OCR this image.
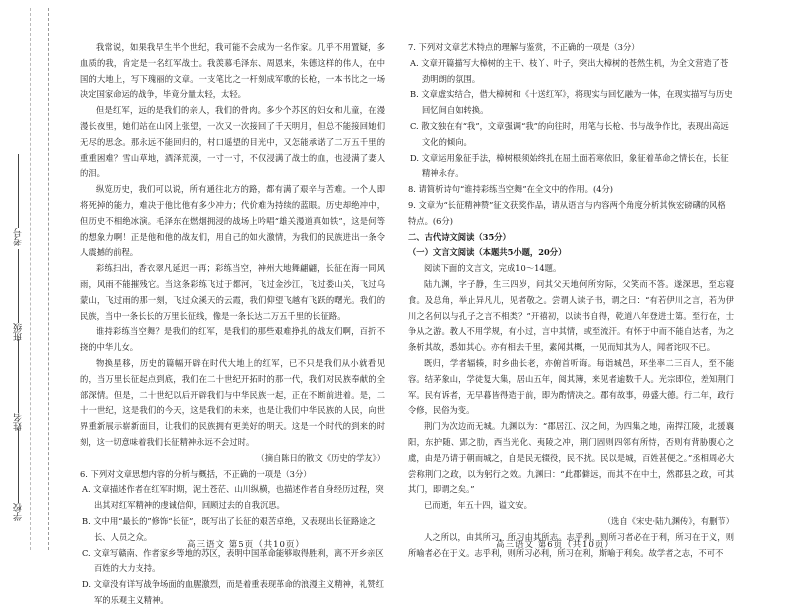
考号
班级
姓名
学校

我常说，如果我早生半个世纪，我可能不会成为一名作家。几乎不用置疑，多血质的我，肯定是一名红军战士。我羡慕毛泽东、周恩来，朱德这样的伟人，在中国的大地上，写下瑰丽的文章。一支笔比之一杆刻成军歌的长枪，一本书比之一场决定国家命运的战争，毕竟分量太轻，太轻。

但是红军，远的是我们的亲人，我们的骨肉。多少个苏区的妇女和儿童，在漫漫长夜里，她们站在山冈上张望，一次又一次接回了千天明月，但总不能接回她们无尽的思念。那永远不能回归的，村口遥望的目光中，又怎能承诺了二万五千里的重重困难？雪山草地，酒泽荒漠，一寸一寸，不仅浸满了战士的血，也浸满了妻人的泪。

纵览历史，我们可以说，所有通往北方的路，都有满了艰辛与苦难。一个人即将死掉的能力，难决于他比他有多少冲力；代价难为持续的蓝眼。历史却绝冲中，但历史不相绝冰演。毛泽东在燃烟拥浸的战场上吟唱“雄关漫道真如铁”，这是何等的想象力啊！正是他和他的战友们，用自己的如火激情，为我们的民族进出一条令人震撼的前程。

彩练扫出，香衣翠凡延迟一再；彩练当空，神州大地舞翩翩，长征在海一同风雨，风雨不能摧残它。当这条彩练飞过于都河，飞过金沙江，飞过娄山关，飞过乌蒙山，飞过雨的那一刻，飞过众溪天的云霞，我们仰望飞越有飞跃的曙光。我们的民族，当中一条长长的万里长征线，像是一条长达二万五千里的长征路。

谁持彩练当空舞？是我们的红军，是我们的那些艰难挣扎的战友们啊，百折不挠的中华儿女。

物换星移，历史的篇幅开辟在时代大地上的红军，已不只是我们从小就看见的，当万里长征起点到底，我们在二十世纪开拓时的那一代，我们对民族奉献的全部深情。但是，二十世纪以后开辟我们与中华民族一起，正在不断前进着。是，二十一世纪，这是我们的今天，这是我们的未来，也是让我们中华民族的人民，向世界重新展示崭新面目，让我们的民族拥有更美好的明天。这是一个时代的到来的时刻，这一切意味着我们长征精神永远不会过时。

（摘自陈日的散文《历史的学友》）

6. 下列对文章思想内容的分析与概括，不正确的一项是（3分）

A. 文章描述作者在红军时期，泥土苍茫、山川纵横，也描述作者自身经历过程，突出其对红军精神的虔诚信仰，回顾过去的自我沉思。

B. 文中用“最长的”修饰“长征”，既写出了长征的艰苦卓绝，又表现出长征路途之长、人员之众。

C. 文章写赣南、作者家乡等地的苏区，表明中国革命能够取得胜利，离不开乡亲区百姓的大力支持。

D. 文章没有详写战争场面的血腥激烈，而是着重表现革命的浪漫主义精神，礼赞红军的乐观主义精神。

7. 下列对文章艺术特点的理解与鉴赏，不正确的一项是（3分）

A. 文章开篇描写大樟树的主干、枝丫、叶子，突出大樟树的苍然生机，为全文营造了苍劲明朗的氛围。

B. 文章虚实结合，借大樟树和《十送红军》，将现实与回忆融为一体，在现实描写与历史回忆间自如转换。

C. 散文独在有“我”，文章强调“我”的向往时，用笔与长枪、书与战争作比，表现出高远文化的倾向。

D. 文章运用象征手法，樟树根须始终扎在屈土面若寒依旧，象征着革命之情长在，长征精神永存。

8. 请简析诗句“谁持彩练当空舞”在全文中的作用。(4分)

9. 文章为“长征精神赞”征文获奖作品，请从语言与内容两个角度分析其恢宏磅礴的风格特点。(6分)

二、古代诗文阅读（35分）

（一）文言文阅读（本题共5小题，20分）

阅读下面的文言文，完成10～14题。

陆九渊，字子静，生三四岁，问其父天地何所穷际，父笑而不答。遂深思，至忘寝食。及总角，举止异凡儿，见者敬之。尝谓人读子书，谓之曰：“有若伊川之言，若为伊川之名何以与孔子之言不相类？”开禧初，以读书自得，乾道八年登进士第。至行在，士争从之游。教人不用学规，有小过，言中其情，或至流汗。有怀于中而不能自达者，为之条析其故，悉如其心。亦有相去千里，素闻其概，一见而知其为人，闻者诧叹不已。

既归，学者辐辏，时乡曲长老，亦俯首听诲。每诣城邑，环坐率二三百人，至不能容。结茅象山，学徒复大集，居山五年，阅其簿，来见者逾数千人。光宗即位，差知荆门军。民有诉者，无早暮皆得造于前，即为酌情决之。郡有故事，毋盛大德。行二年，政行令修，民俗为变。

荆门为次边而无城。九渊以为：“郡居江、汉之间，为四集之地，南捍江陵，北援襄阳，东护随、郢之肋，西当光化、夷陵之冲，荆门固则四邻有所恃，否则有背胁腹心之虞，由是乃请于朝而城之，自是民无辍役，民不扰。民以是城，百姓甚便之。”丞相周必大尝称荆门之政，以为躬行之效。九渊曰：“此郡僻远，而其不在中土，然郡县之政，可其其门，即谓之矣。”

已而逝，年五十四，谥文安。

（选自《宋史·陆九渊传》，有删节）

人之所以，由其所习，所习由其所志。志乎利，则所习者必在于利，所习在于义，则所喻者必在于义。志乎利，则所习必利，所习在利，斯喻于利矣。故学者之志，不可不

高三语文 第5页（共10页）	高三语文 第6页（共10页）
